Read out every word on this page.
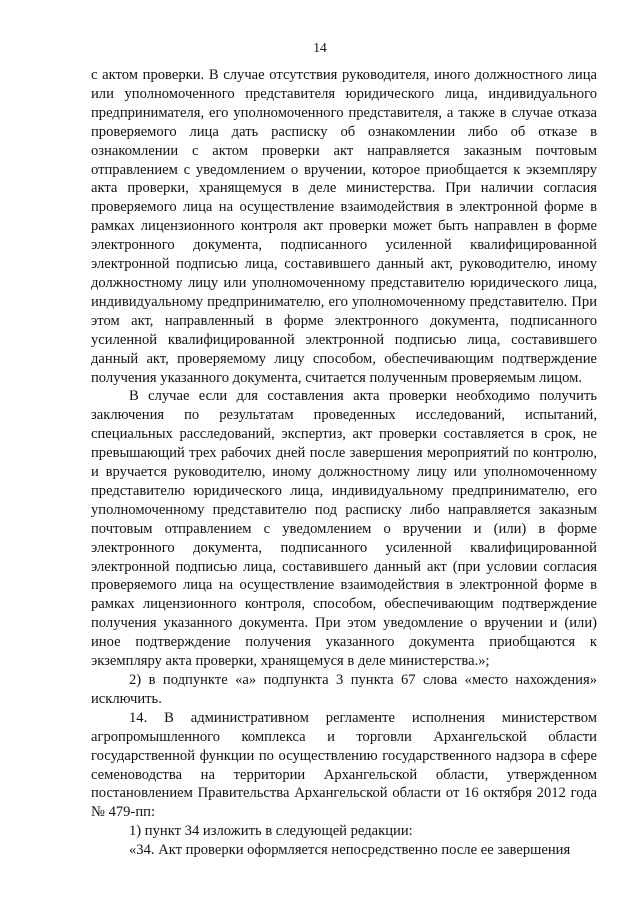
14

с актом проверки. В случае отсутствия руководителя, иного должностного лица или уполномоченного представителя юридического лица, индивидуального предпринимателя, его уполномоченного представителя, а также в случае отказа проверяемого лица дать расписку об ознакомлении либо об отказе в ознакомлении с актом проверки акт направляется заказным почтовым отправлением с уведомлением о вручении, которое приобщается к экземпляру акта проверки, хранящемуся в деле министерства. При наличии согласия проверяемого лица на осуществление взаимодействия в электронной форме в рамках лицензионного контроля акт проверки может быть направлен в форме электронного документа, подписанного усиленной квалифицированной электронной подписью лица, составившего данный акт, руководителю, иному должностному лицу или уполномоченному представителю юридического лица, индивидуальному предпринимателю, его уполномоченному представителю. При этом акт, направленный в форме электронного документа, подписанного усиленной квалифицированной электронной подписью лица, составившего данный акт, проверяемому лицу способом, обеспечивающим подтверждение получения указанного документа, считается полученным проверяемым лицом.

В случае если для составления акта проверки необходимо получить заключения по результатам проведенных исследований, испытаний, специальных расследований, экспертиз, акт проверки составляется в срок, не превышающий трех рабочих дней после завершения мероприятий по контролю, и вручается руководителю, иному должностному лицу или уполномоченному представителю юридического лица, индивидуальному предпринимателю, его уполномоченному представителю под расписку либо направляется заказным почтовым отправлением с уведомлением о вручении и (или) в форме электронного документа, подписанного усиленной квалифицированной электронной подписью лица, составившего данный акт (при условии согласия проверяемого лица на осуществление взаимодействия в электронной форме в рамках лицензионного контроля, способом, обеспечивающим подтверждение получения указанного документа. При этом уведомление о вручении и (или) иное подтверждение получения указанного документа приобщаются к экземпляру акта проверки, хранящемуся в деле министерства.»;

2) в подпункте «а» подпункта 3 пункта 67 слова «место нахождения» исключить.

14. В административном регламенте исполнения министерством агропромышленного комплекса и торговли Архангельской области государственной функции по осуществлению государственного надзора в сфере семеноводства на территории Архангельской области, утвержденном постановлением Правительства Архангельской области от 16 октября 2012 года № 479-пп:

1) пункт 34 изложить в следующей редакции:

«34. Акт проверки оформляется непосредственно после ее завершения
